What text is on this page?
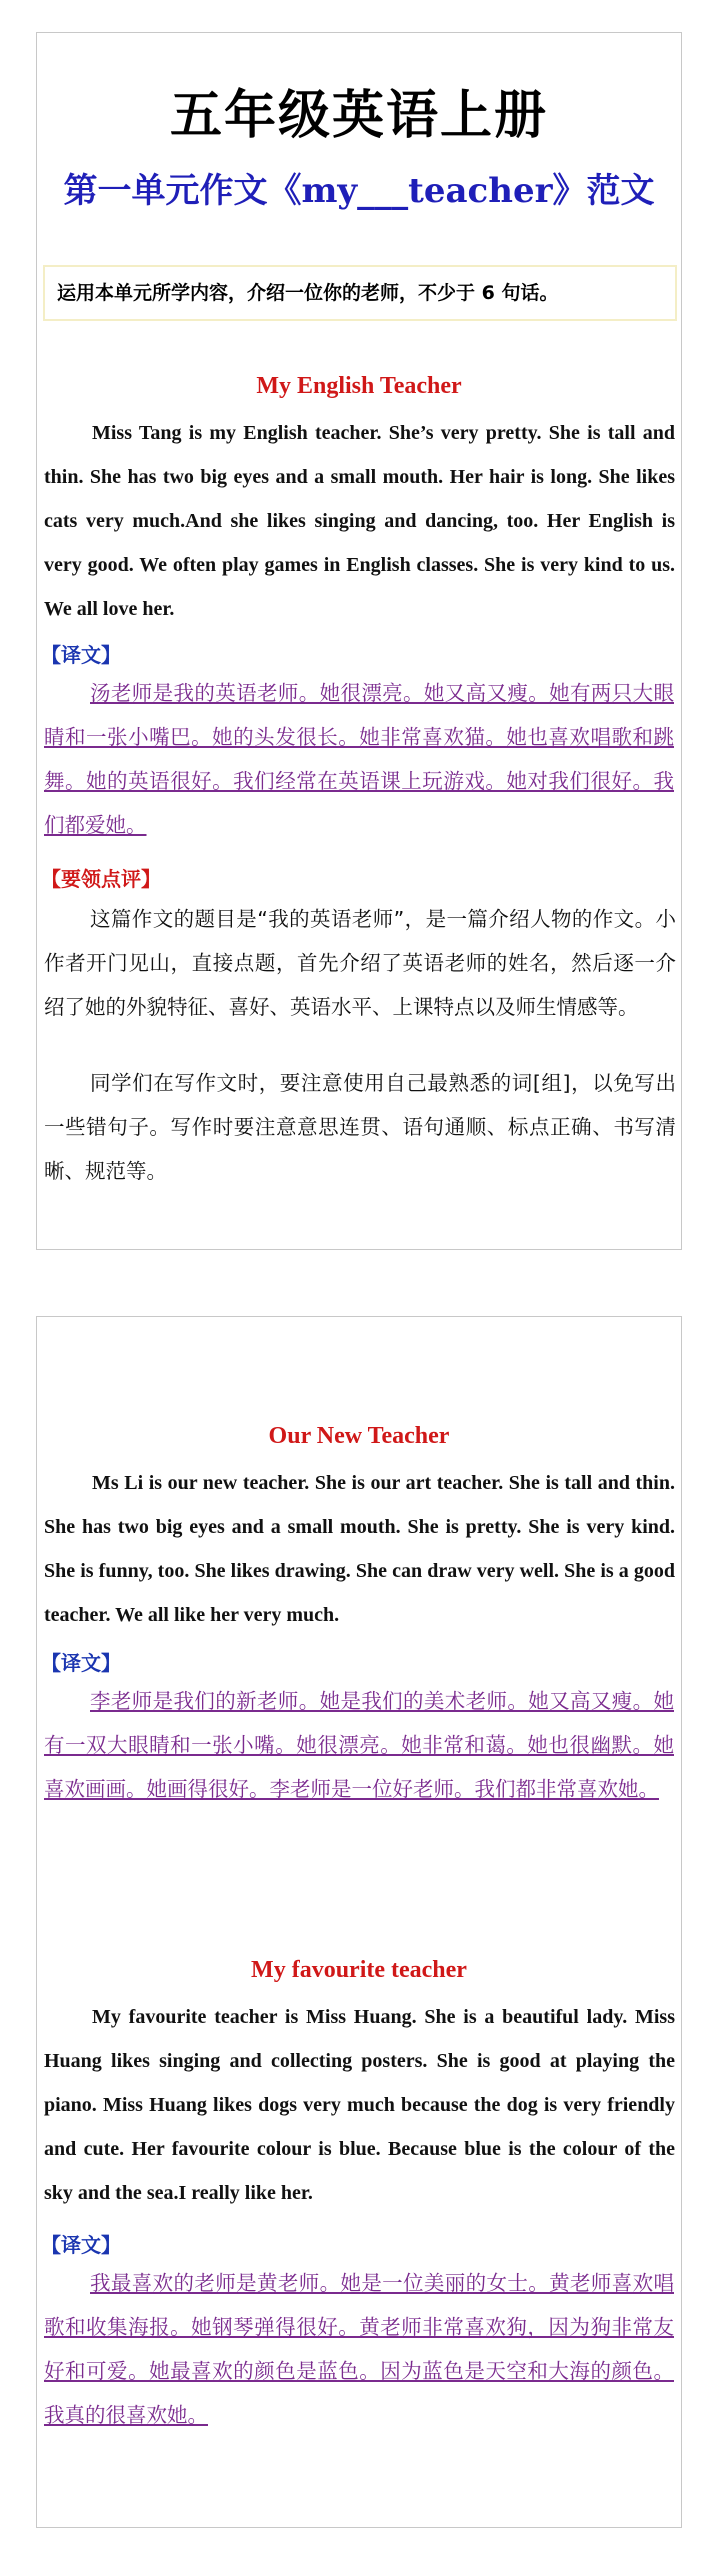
五年级英语上册
第一单元作文《my___teacher》范文
运用本单元所学内容，介绍一位你的老师，不少于 6 句话。
My English Teacher
Miss Tang is my English teacher. She’s very pretty. She is tall and thin. She has two big eyes and a small mouth. Her hair is long. She likes cats very much.And she likes singing and dancing, too. Her English is very good. We often play games in English classes. She is very kind to us. We all love her.
【译文】
汤老师是我的英语老师。她很漂亮。她又高又瘦。她有两只大眼睛和一张小嘴巴。她的头发很长。她非常喜欢猫。她也喜欢唱歌和跳舞。她的英语很好。我们经常在英语课上玩游戏。她对我们很好。我们都爱她。
【要领点评】
这篇作文的题目是“我的英语老师”，是一篇介绍人物的作文。小作者开门见山，直接点题，首先介绍了英语老师的姓名，然后逐一介绍了她的外貌特征、喜好、英语水平、上课特点以及师生情感等。
同学们在写作文时，要注意使用自己最熟悉的词[组]，以免写出一些错句子。写作时要注意意思连贯、语句通顺、标点正确、书写清晰、规范等。
Our New Teacher
Ms Li is our new teacher. She is our art teacher. She is tall and thin. She has two big eyes and a small mouth. She is pretty. She is very kind. She is funny, too. She likes drawing. She can draw very well. She is a good teacher. We all like her very much.
【译文】
李老师是我们的新老师。她是我们的美术老师。她又高又瘦。她有一双大眼睛和一张小嘴。她很漂亮。她非常和蔼。她也很幽默。她喜欢画画。她画得很好。李老师是一位好老师。我们都非常喜欢她。
My favourite teacher
My favourite teacher is Miss Huang. She is a beautiful lady. Miss Huang likes singing and collecting posters. She is good at playing the piano. Miss Huang likes dogs very much because the dog is very friendly and cute. Her favourite colour is blue. Because blue is the colour of the sky and the sea.I really like her.
【译文】
我最喜欢的老师是黄老师。她是一位美丽的女士。黄老师喜欢唱歌和收集海报。她钢琴弹得很好。黄老师非常喜欢狗，因为狗非常友好和可爱。她最喜欢的颜色是蓝色。因为蓝色是天空和大海的颜色。我真的很喜欢她。
